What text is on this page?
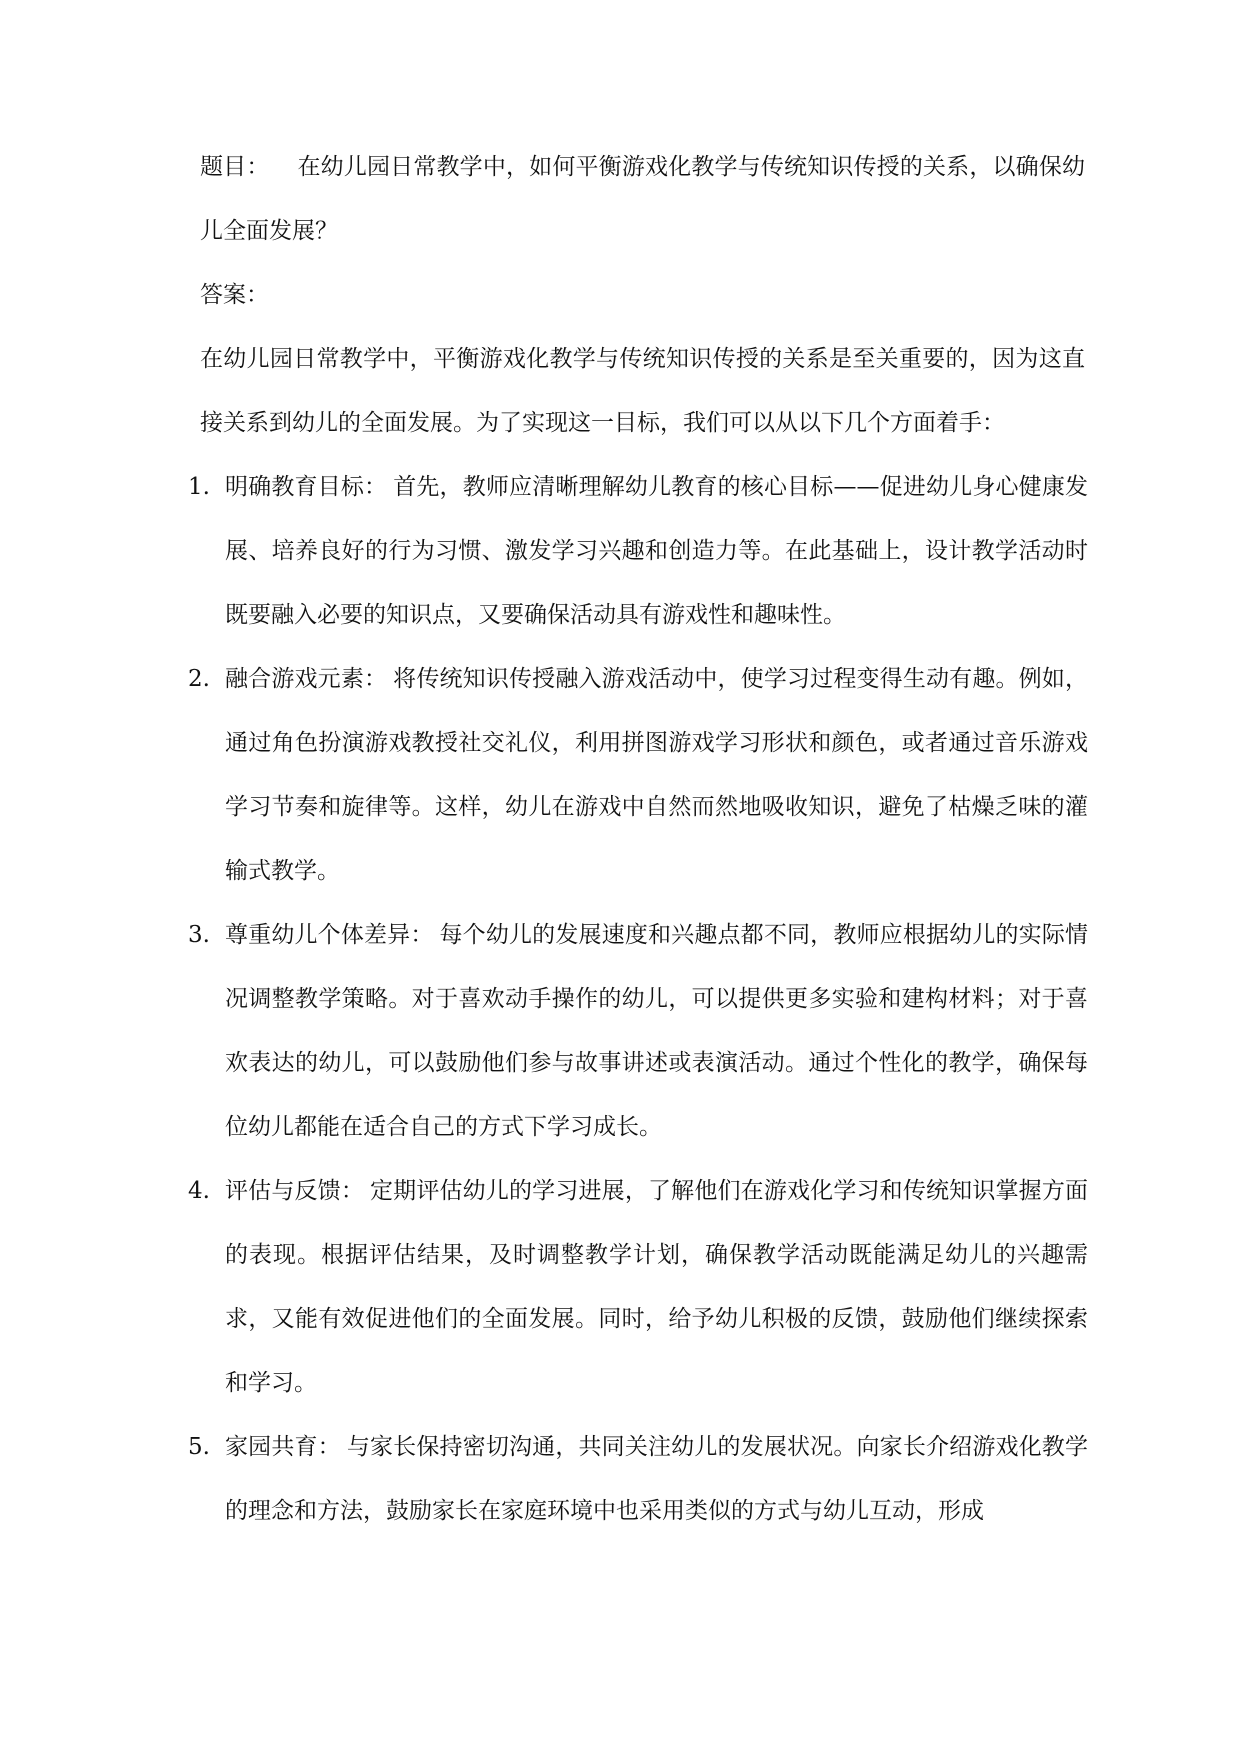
题目： 在幼儿园日常教学中，如何平衡游戏化教学与传统知识传授的关系，以确保幼儿全面发展？

答案：

在幼儿园日常教学中，平衡游戏化教学与传统知识传授的关系是至关重要的，因为这直接关系到幼儿的全面发展。为了实现这一目标，我们可以从以下几个方面着手：

1. 明确教育目标： 首先，教师应清晰理解幼儿教育的核心目标——促进幼儿身心健康发展、培养良好的行为习惯、激发学习兴趣和创造力等。在此基础上，设计教学活动时既要融入必要的知识点，又要确保活动具有游戏性和趣味性。
2. 融合游戏元素： 将传统知识传授融入游戏活动中，使学习过程变得生动有趣。例如，通过角色扮演游戏教授社交礼仪，利用拼图游戏学习形状和颜色，或者通过音乐游戏学习节奏和旋律等。这样，幼儿在游戏中自然而然地吸收知识，避免了枯燥乏味的灌输式教学。
3. 尊重幼儿个体差异： 每个幼儿的发展速度和兴趣点都不同，教师应根据幼儿的实际情况调整教学策略。对于喜欢动手操作的幼儿，可以提供更多实验和建构材料；对于喜欢表达的幼儿，可以鼓励他们参与故事讲述或表演活动。通过个性化的教学，确保每位幼儿都能在适合自己的方式下学习成长。
4. 评估与反馈： 定期评估幼儿的学习进展，了解他们在游戏化学习和传统知识掌握方面的表现。根据评估结果，及时调整教学计划，确保教学活动既能满足幼儿的兴趣需求，又能有效促进他们的全面发展。同时，给予幼儿积极的反馈，鼓励他们继续探索和学习。
5. 家园共育： 与家长保持密切沟通，共同关注幼儿的发展状况。向家长介绍游戏化教学的理念和方法，鼓励家长在家庭环境中也采用类似的方式与幼儿互动，形成
